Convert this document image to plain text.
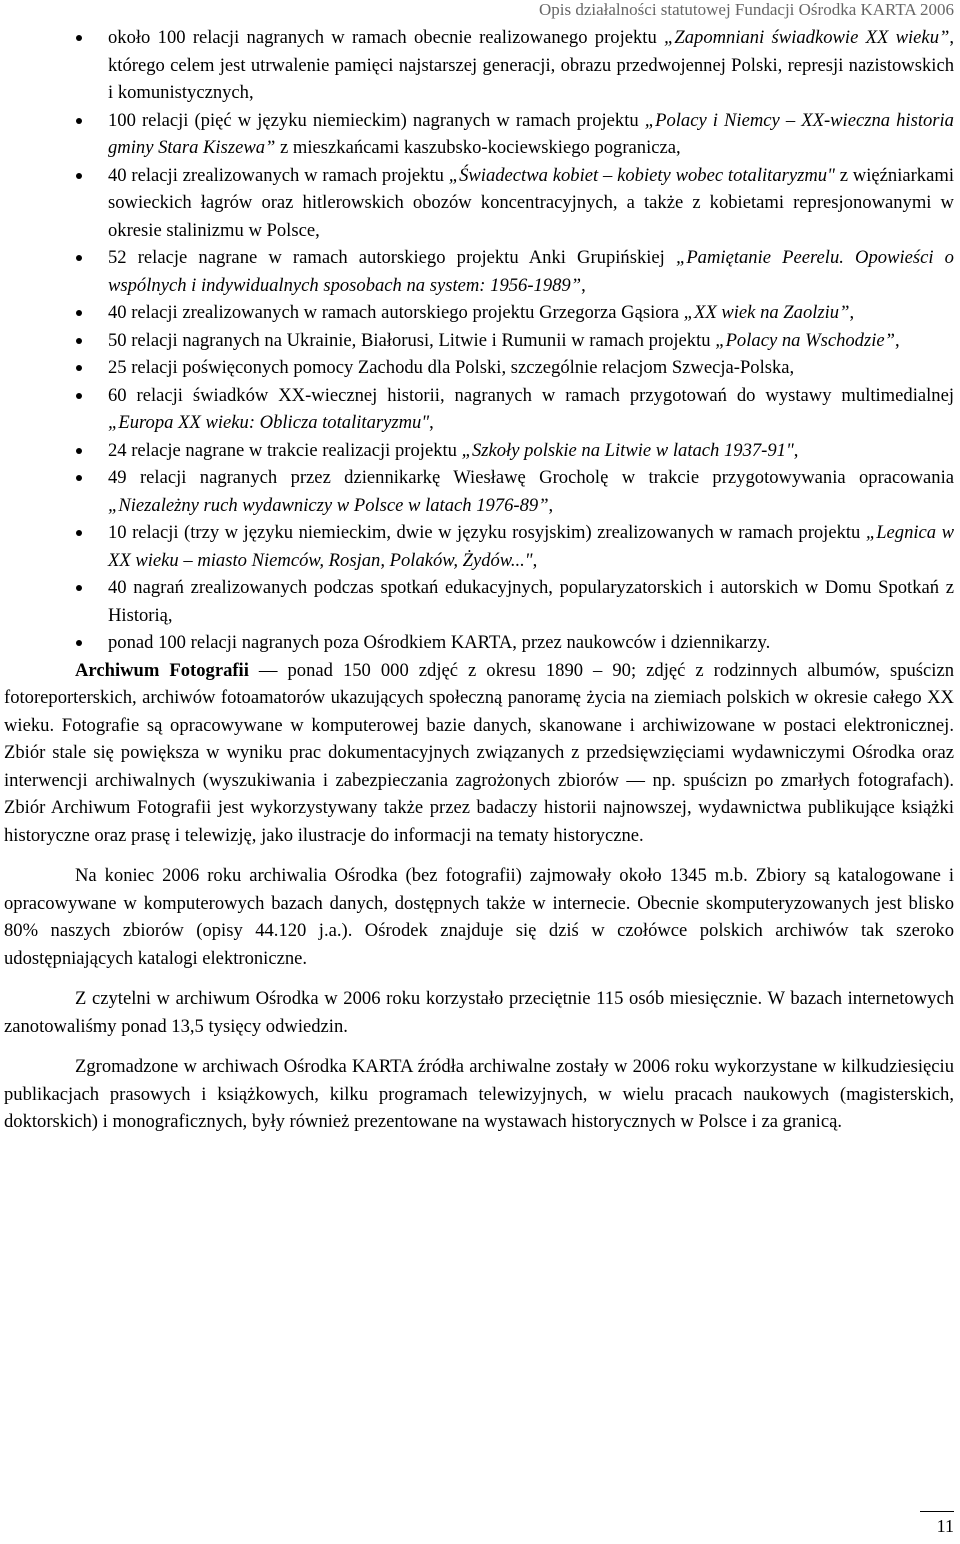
Opis działalności statutowej Fundacji Ośrodka KARTA 2006
około 100 relacji nagranych w ramach obecnie realizowanego projektu „Zapomniani świadkowie XX wieku”, którego celem jest utrwalenie pamięci najstarszej generacji, obrazu przedwojennej Polski, represji nazistowskich i komunistycznych,
100 relacji (pięć w języku niemieckim) nagranych w ramach projektu „Polacy i Niemcy – XX-wieczna historia gminy Stara Kiszewa” z mieszkańcami kaszubsko-kociewskiego pogranicza,
40 relacji zrealizowanych w ramach projektu „Świadectwa kobiet – kobiety wobec totalitaryzmu" z więźniarkami sowieckich łagrów oraz hitlerowskich obozów koncentracyjnych, a także z kobietami represjonowanymi w okresie stalinizmu w Polsce,
52 relacje nagrane w ramach autorskiego projektu Anki Grupińskiej „Pamiętanie Peerelu. Opowieści o wspólnych i indywidualnych sposobach na system: 1956-1989”,
40 relacji zrealizowanych w ramach autorskiego projektu Grzegorza Gąsiora „XX wiek na Zaolziu”,
50 relacji nagranych na Ukrainie, Białorusi, Litwie i Rumunii w ramach projektu „Polacy na Wschodzie”,
25 relacji poświęconych pomocy Zachodu dla Polski, szczególnie relacjom Szwecja-Polska,
60 relacji świadków XX-wiecznej historii, nagranych w ramach przygotowań do wystawy multimedialnej „Europa XX wieku: Oblicza totalitaryzmu",
24 relacje nagrane w trakcie realizacji projektu „Szkoły polskie na Litwie w latach 1937-91",
49 relacji nagranych przez dziennikarkę Wiesławę Grocholę w trakcie przygotowywania opracowania „Niezależny ruch wydawniczy w Polsce w latach 1976-89”,
10 relacji (trzy w języku niemieckim, dwie w języku rosyjskim) zrealizowanych w ramach projektu „Legnica w XX wieku – miasto Niemców, Rosjan, Polaków, Żydów...",
40 nagrań zrealizowanych podczas spotkań edukacyjnych, popularyzatorskich i autorskich w Domu Spotkań z Historią,
ponad 100 relacji nagranych poza Ośrodkiem KARTA, przez naukowców i dziennikarzy.

Archiwum Fotografii — ponad 150 000 zdjęć z okresu 1890 – 90; zdjęć z rodzinnych albumów, spuścizn fotoreporterskich, archiwów fotoamatorów ukazujących społeczną panoramę życia na ziemiach polskich w okresie całego XX wieku. Fotografie są opracowywane w komputerowej bazie danych, skanowane i archiwizowane w postaci elektronicznej. Zbiór stale się powiększa w wyniku prac dokumentacyjnych związanych z przedsięwzięciami wydawniczymi Ośrodka oraz interwencji archiwalnych (wyszukiwania i zabezpieczania zagrożonych zbiorów — np. spuścizn po zmarłych fotografach). Zbiór Archiwum Fotografii jest wykorzystywany także przez badaczy historii najnowszej, wydawnictwa publikujące książki historyczne oraz prasę i telewizję, jako ilustracje do informacji na tematy historyczne.

Na koniec 2006 roku archiwalia Ośrodka (bez fotografii) zajmowały około 1345 m.b. Zbiory są katalogowane i opracowywane w komputerowych bazach danych, dostępnych także w internecie. Obecnie skomputeryzowanych jest blisko 80% naszych zbiorów (opisy 44.120 j.a.). Ośrodek znajduje się dziś w czołówce polskich archiwów tak szeroko udostępniających katalogi elektroniczne.

Z czytelni w archiwum Ośrodka w 2006 roku korzystało przeciętnie 115 osób miesięcznie. W bazach internetowych zanotowaliśmy ponad 13,5 tysięcy odwiedzin.

Zgromadzone w archiwach Ośrodka KARTA źródła archiwalne zostały w 2006 roku wykorzystane w kilkudziesięciu publikacjach prasowych i książkowych, kilku programach telewizyjnych, w wielu pracach naukowych (magisterskich, doktorskich) i monograficznych, były również prezentowane na wystawach historycznych w Polsce i za granicą.

11
